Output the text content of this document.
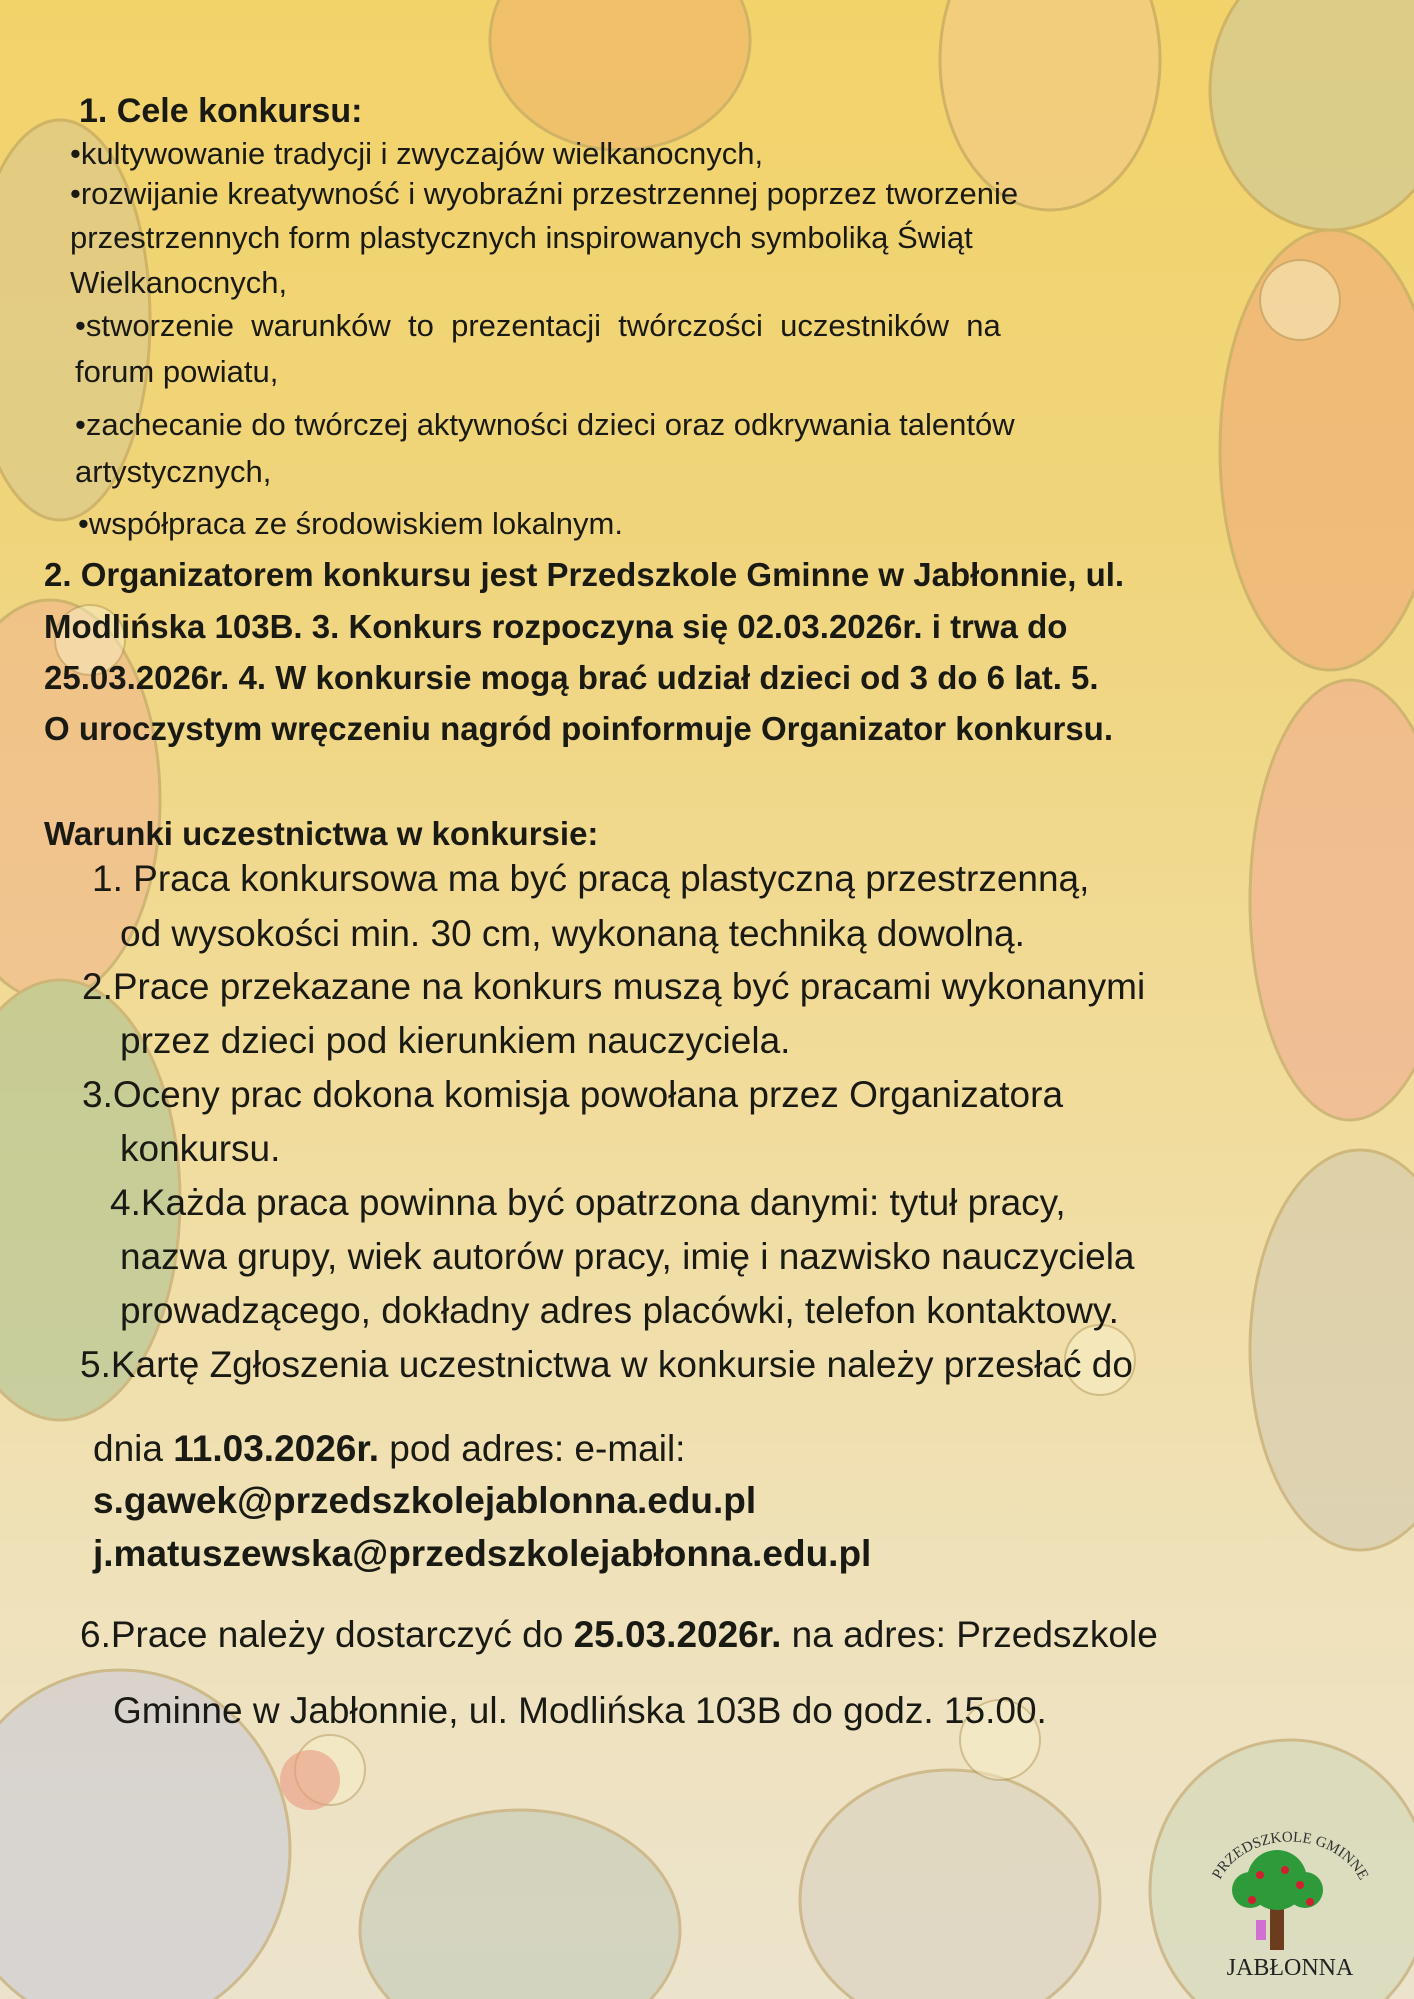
1. Cele konkursu:
•kultywowanie tradycji i zwyczajów wielkanocnych,
•rozwijanie kreatywność i wyobraźni przestrzennej poprzez tworzenie
przestrzennych form plastycznych inspirowanych symboliką Świąt
Wielkanocnych,
•stworzenie  warunków  to  prezentacji  twórczości  uczestników  na
forum powiatu,
•zachecanie do twórczej aktywności dzieci oraz odkrywania talentów
artystycznych,
•współpraca ze środowiskiem lokalnym.
2. Organizatorem konkursu jest Przedszkole Gminne w Jabłonnie, ul.
Modlińska 103B. 3. Konkurs rozpoczyna się 02.03.2026r. i trwa do
25.03.2026r. 4. W konkursie mogą brać udział dzieci od 3 do 6 lat. 5.
O uroczystym wręczeniu nagród poinformuje Organizator konkursu.
Warunki uczestnictwa w konkursie:
1. Praca konkursowa ma być pracą plastyczną przestrzenną,
od wysokości min. 30 cm, wykonaną techniką dowolną.
2.Prace przekazane na konkurs muszą być pracami wykonanymi
przez dzieci pod kierunkiem nauczyciela.
3.Oceny prac dokona komisja powołana przez Organizatora
konkursu.
4.Każda praca powinna być opatrzona danymi: tytuł pracy,
nazwa grupy, wiek autorów pracy, imię i nazwisko nauczyciela
prowadzącego, dokładny adres placówki, telefon kontaktowy.
5.Kartę Zgłoszenia uczestnictwa w konkursie należy przesłać do
dnia 11.03.2026r. pod adres: e-mail:
s.gawek@przedszkolejablonna.edu.pl
j.matuszewska@przedszkolejabłonna.edu.pl
6.Prace należy dostarczyć do 25.03.2026r. na adres: Przedszkole
Gminne w Jabłonnie, ul. Modlińska 103B do godz. 15.00.
PRZEDSZKOLE GMINNE
JABŁONNA
